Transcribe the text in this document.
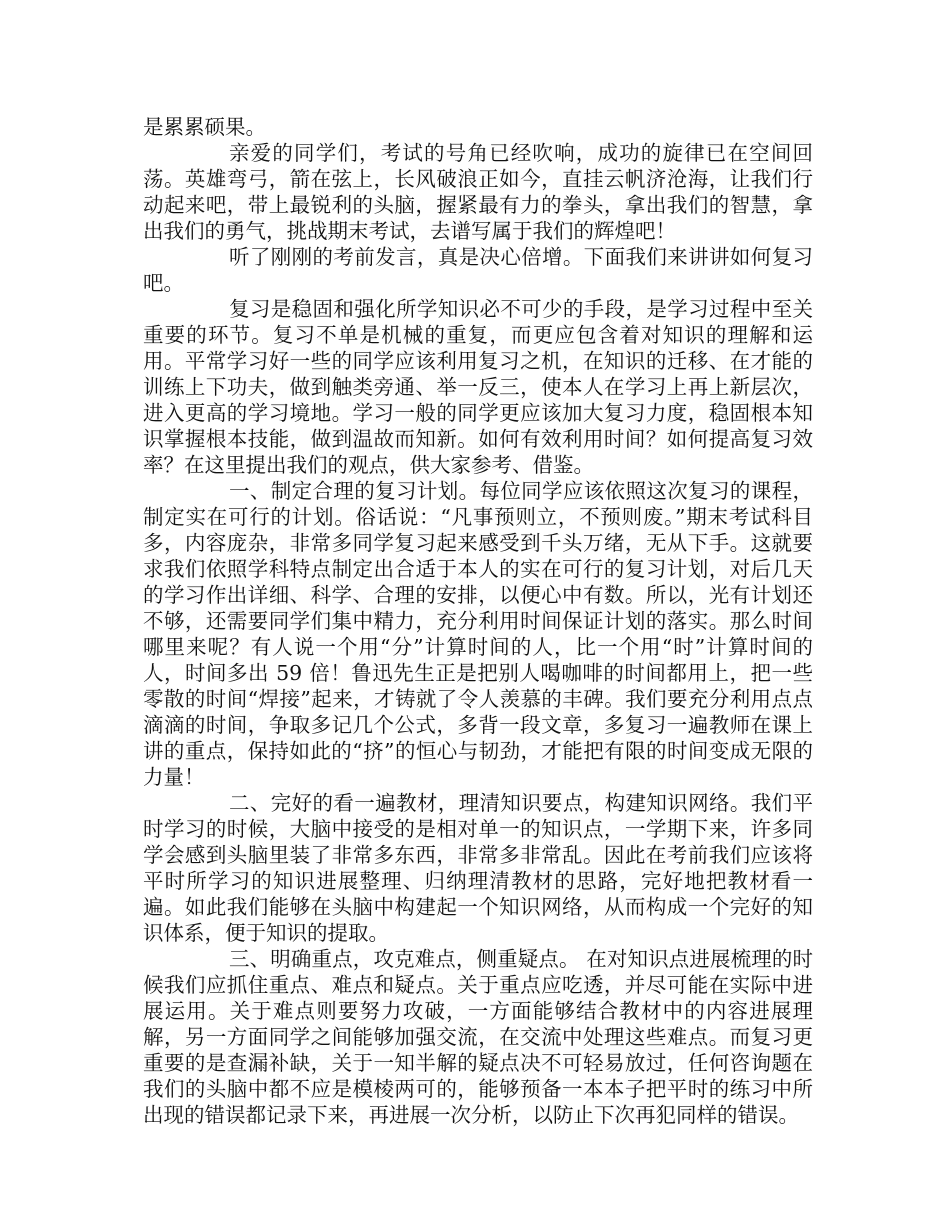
是累累硕果。

亲爱的同学们，考试的号角已经吹响，成功的旋律已在空间回荡。英雄弯弓，箭在弦上，长风破浪正如今，直挂云帆济沧海，让我们行动起来吧，带上最锐利的头脑，握紧最有力的拳头，拿出我们的智慧，拿出我们的勇气，挑战期末考试，去谱写属于我们的辉煌吧！

听了刚刚的考前发言，真是决心倍增。下面我们来讲讲如何复习吧。

复习是稳固和强化所学知识必不可少的手段，是学习过程中至关重要的环节。复习不单是机械的重复，而更应包含着对知识的理解和运用。平常学习好一些的同学应该利用复习之机，在知识的迁移、在才能的训练上下功夫，做到触类旁通、举一反三，使本人在学习上再上新层次，进入更高的学习境地。学习一般的同学更应该加大复习力度，稳固根本知识掌握根本技能，做到温故而知新。如何有效利用时间？如何提高复习效率？在这里提出我们的观点，供大家参考、借鉴。

一、制定合理的复习计划。每位同学应该依照这次复习的课程，制定实在可行的计划。俗话说：“凡事预则立，不预则废。”期末考试科目多，内容庞杂，非常多同学复习起来感受到千头万绪，无从下手。这就要求我们依照学科特点制定出合适于本人的实在可行的复习计划，对后几天的学习作出详细、科学、合理的安排，以便心中有数。所以，光有计划还不够，还需要同学们集中精力，充分利用时间保证计划的落实。那么时间哪里来呢？有人说一个用“分”计算时间的人，比一个用“时”计算时间的人，时间多出 59 倍！鲁迅先生正是把别人喝咖啡的时间都用上，把一些零散的时间“焊接”起来，才铸就了令人羡慕的丰碑。我们要充分利用点点滴滴的时间，争取多记几个公式，多背一段文章，多复习一遍教师在课上讲的重点，保持如此的“挤”的恒心与韧劲，才能把有限的时间变成无限的力量！

二、完好的看一遍教材，理清知识要点，构建知识网络。我们平时学习的时候，大脑中接受的是相对单一的知识点，一学期下来，许多同学会感到头脑里装了非常多东西，非常多非常乱。因此在考前我们应该将平时所学习的知识进展整理、归纳理清教材的思路，完好地把教材看一遍。如此我们能够在头脑中构建起一个知识网络，从而构成一个完好的知识体系，便于知识的提取。

三、明确重点，攻克难点，侧重疑点。 在对知识点进展梳理的时候我们应抓住重点、难点和疑点。关于重点应吃透，并尽可能在实际中进展运用。关于难点则要努力攻破，一方面能够结合教材中的内容进展理解，另一方面同学之间能够加强交流，在交流中处理这些难点。而复习更重要的是查漏补缺，关于一知半解的疑点决不可轻易放过，任何咨询题在我们的头脑中都不应是模棱两可的，能够预备一本本子把平时的练习中所出现的错误都记录下来，再进展一次分析，以防止下次再犯同样的错误。
